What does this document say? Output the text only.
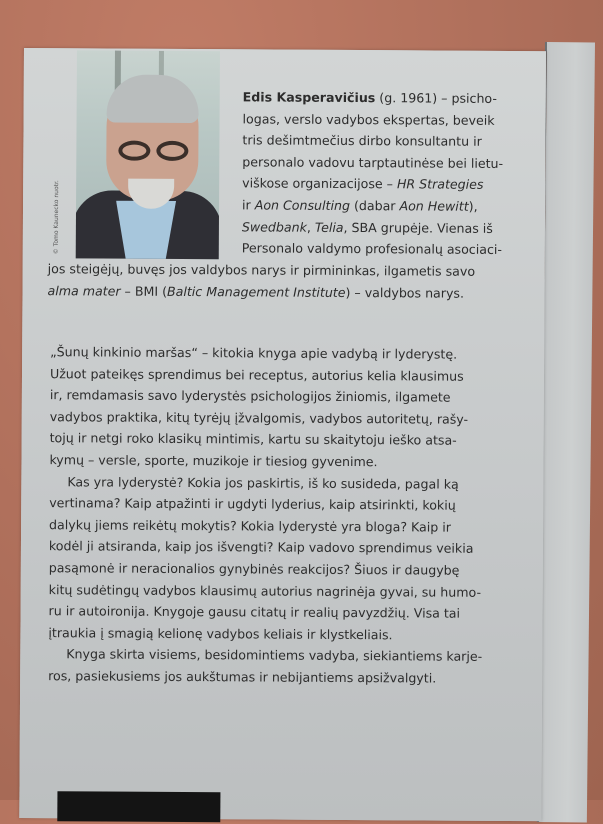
© Tomo Kaunecko nuotr.
Edis Kasperavičius (g. 1961) – psicho-
logas, verslo vadybos ekspertas, beveik
tris dešimtmečius dirbo konsultantu ir
personalo vadovu tarptautinėse bei lietu-
viškose organizacijose – HR Strategies
ir Aon Consulting (dabar Aon Hewitt),
Swedbank, Telia, SBA grupėje. Vienas iš
Personalo valdymo profesionalų asociaci-
jos steigėjų, buvęs jos valdybos narys ir pirmininkas, ilgametis savo
alma mater – BMI (Baltic Management Institute) – valdybos narys.

„Šunų kinkinio maršas“ – kitokia knyga apie vadybą ir lyderystę.
Užuot pateikęs sprendimus bei receptus, autorius kelia klausimus
ir, remdamasis savo lyderystės psichologijos žiniomis, ilgamete
vadybos praktika, kitų tyrėjų įžvalgomis, vadybos autoritetų, rašy-
tojų ir netgi roko klasikų mintimis, kartu su skaitytoju ieško atsa-
kymų – versle, sporte, muzikoje ir tiesiog gyvenime.

Kas yra lyderystė? Kokia jos paskirtis, iš ko susideda, pagal ką
vertinama? Kaip atpažinti ir ugdyti lyderius, kaip atsirinkti, kokių
dalykų jiems reikėtų mokytis? Kokia lyderystė yra bloga? Kaip ir
kodėl ji atsiranda, kaip jos išvengti? Kaip vadovo sprendimus veikia
pasąmonė ir neracionalios gynybinės reakcijos? Šiuos ir daugybę
kitų sudėtingų vadybos klausimų autorius nagrinėja gyvai, su humo-
ru ir autoironija. Knygoje gausu citatų ir realių pavyzdžių. Visa tai
įtraukia į smagią kelionę vadybos keliais ir klystkeliais.

Knyga skirta visiems, besidomintiems vadyba, siekiantiems karje-
ros, pasiekusiems jos aukštumas ir nebijantiems apsižvalgyti.
